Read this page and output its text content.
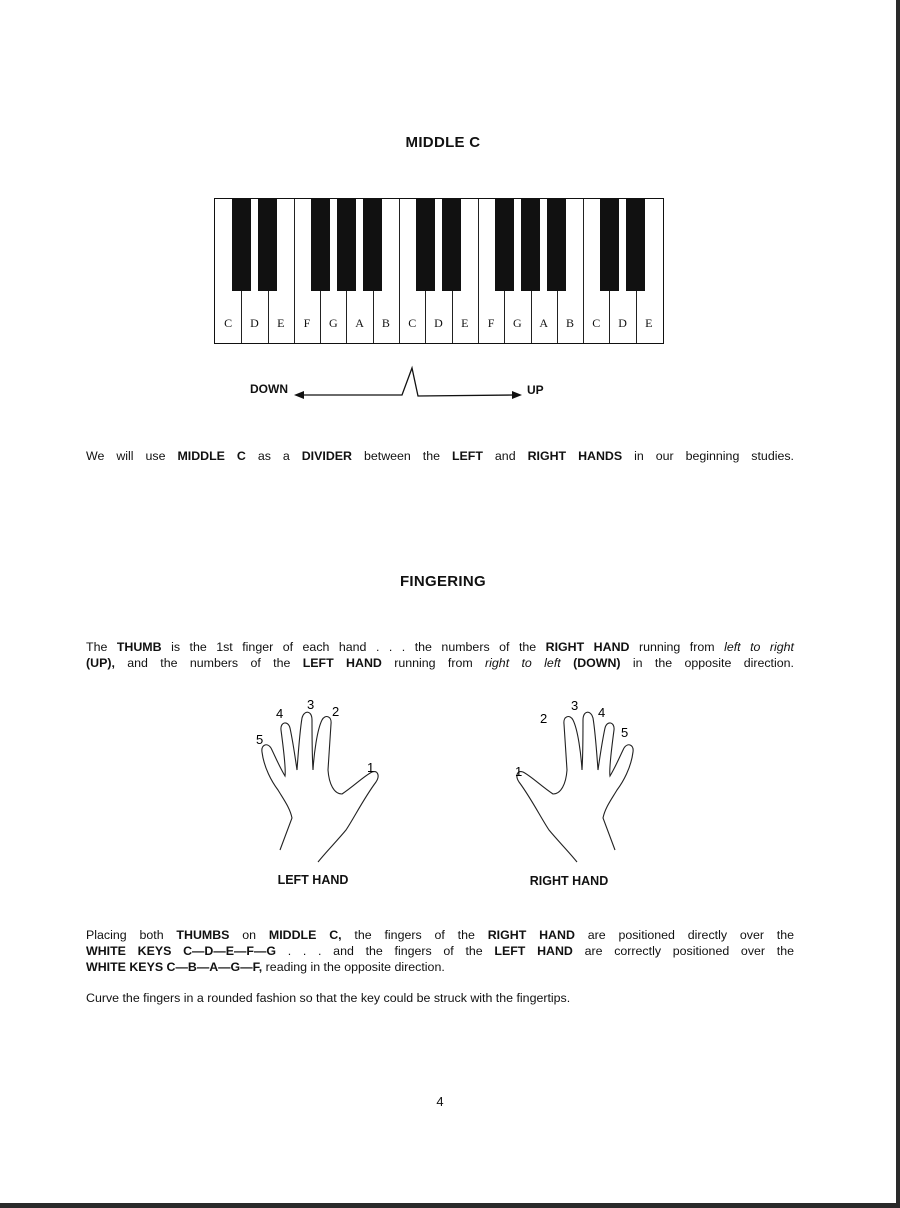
MIDDLE C
C	D	E	F	G	A	B	C	D	E	F	G	A	B	C	D	E
DOWN	UP
We will use MIDDLE C as a DIVIDER between the LEFT and RIGHT HANDS in our beginning studies.
FINGERING
The THUMB is the 1st finger of each hand . . . the numbers of the RIGHT HAND running from left to right
(UP), and the numbers of the LEFT HAND running from right to left (DOWN) in the opposite direction.
1
2
3
4
5
1
2
3 4
5
LEFT HAND	RIGHT HAND
Placing both THUMBS on MIDDLE C, the fingers of the RIGHT HAND are positioned directly over the
WHITE KEYS C—D—E—F—G . . . and the fingers of the LEFT HAND are correctly positioned over the
WHITE KEYS C—B—A—G—F, reading in the opposite direction.
Curve the fingers in a rounded fashion so that the key could be struck with the fingertips.
4
